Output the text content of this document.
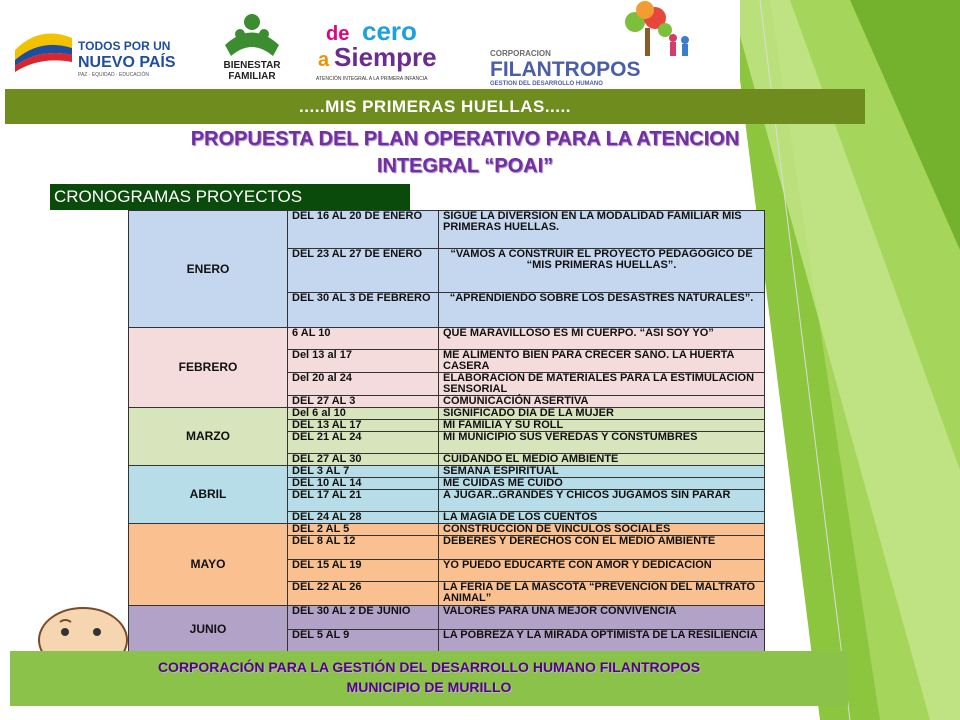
TODOS POR UN
NUEVO PAÍS
PAZ · EQUIDAD · EDUCACIÓN
BIENESTAR
FAMILIAR
de cero
a Siempre
ATENCIÓN INTEGRAL A LA PRIMERA INFANCIA
CORPORACION
FILANTROPOS
GESTION DEL DESARROLLO HUMANO
.....MIS PRIMERAS HUELLAS.....
PROPUESTA DEL PLAN OPERATIVO PARA LA ATENCION
INTEGRAL “POAI”
CRONOGRAMAS PROYECTOS
ENERO	DEL 16 AL 20 DE ENERO	SIGUE LA DIVERSION EN LA MODALIDAD FAMILIAR MIS PRIMERAS HUELLAS.
	DEL 23 AL 27 DE ENERO	“VAMOS A CONSTRUIR EL PROYECTO PEDAGOGICO DE “MIS PRIMERAS HUELLAS”.
	DEL 30 AL 3 DE FEBRERO	“APRENDIENDO SOBRE LOS DESASTRES NATURALES”.
FEBRERO	6 AL 10	QUE MARAVILLOSO ES MI CUERPO. “ASI SOY YO”
	Del 13 al 17	ME ALIMENTO BIEN PARA CRECER SANO. LA HUERTA CASERA
	Del 20 al 24	ELABORACION DE MATERIALES PARA LA ESTIMULACION SENSORIAL
	DEL 27 AL 3	COMUNICACIÓN ASERTIVA
MARZO	Del 6 al 10	SIGNIFICADO DIA DE LA MUJER
	DEL 13 AL 17	MI FAMILIA Y SU ROLL
	DEL 21 AL 24	MI MUNICIPIO SUS VEREDAS Y CONSTUMBRES
	DEL 27 AL 30	CUIDANDO EL MEDIO AMBIENTE
ABRIL	DEL 3 AL 7	SEMANA ESPIRITUAL
	DEL 10 AL 14	ME CUIDAS ME CUIDO
	DEL 17 AL 21	A JUGAR..GRANDES Y CHICOS JUGAMOS SIN PARAR
	DEL 24 AL 28	LA MAGIA DE LOS CUENTOS
MAYO	DEL 2 AL 5	CONSTRUCCION DE VINCULOS SOCIALES
	DEL 8 AL 12	DEBERES Y DERECHOS CON EL MEDIO AMBIENTE
	DEL 15 AL 19	YO PUEDO EDUCARTE CON AMOR Y DEDICACION
	DEL 22 AL 26	LA FERIA DE LA MASCOTA “PREVENCION DEL MALTRATO ANIMAL”
JUNIO	DEL 30 AL 2 DE JUNIO	VALORES PARA UNA MEJOR CONVIVENCIA
	DEL 5 AL 9	LA POBREZA Y LA MIRADA OPTIMISTA DE LA RESILIENCIA
CORPORACIÓN PARA LA GESTIÓN DEL DESARROLLO HUMANO FILANTROPOS
MUNICIPIO DE MURILLO
